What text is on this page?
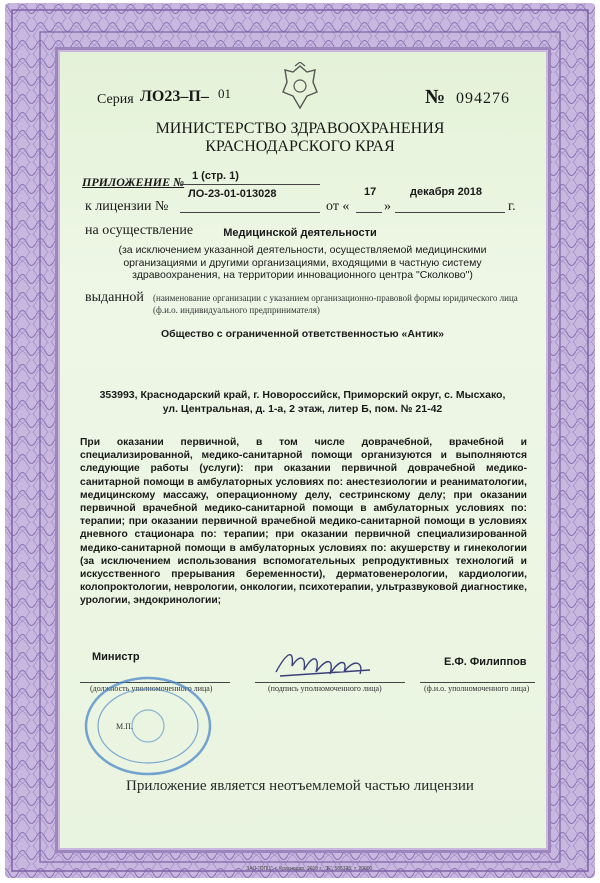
Серия ЛО23–П– 01	№ 094276
МИНИСТЕРСТВО ЗДРАВООХРАНЕНИЯ
КРАСНОДАРСКОГО КРАЯ
ПРИЛОЖЕНИЕ № 1 (стр. 1)
к лицензии №
ЛО-23-01-013028
от «
17
»
декабря 2018
г.
на осуществление	Медицинской деятельности
(за исключением указанной деятельности, осуществляемой медицинскими организациями и другими организациями, входящими в частную систему здравоохранения, на территории инновационного центра "Сколково")
выданной (наименование организации с указанием организационно-правовой формы юридического лица (ф.и.о. индивидуального предпринимателя)
Общество с ограниченной ответственностью «Антик»
353993, Краснодарский край, г. Новороссийск, Приморский округ, с. Мысхако,
ул. Центральная, д. 1-а, 2 этаж, литер Б, пом. № 21-42
При оказании первичной, в том числе доврачебной, врачебной и специализированной, медико-санитарной помощи организуются и выполняются следующие работы (услуги): при оказании первичной доврачебной медико-санитарной помощи в амбулаторных условиях по: анестезиологии и реаниматологии, медицинскому массажу, операционному делу, сестринскому делу; при оказании первичной врачебной медико-санитарной помощи в амбулаторных условиях по: терапии; при оказании первичной врачебной медико-санитарной помощи в условиях дневного стационара по: терапии; при оказании первичной специализированной медико-санитарной помощи в амбулаторных условиях по: акушерству и гинекологии (за исключением использования вспомогательных репродуктивных технологий и искусственного прерывания беременности), дерматовенерологии, кардиологии, колопроктологии, неврологии, онкологии, психотерапии, ультразвуковой диагностике, урологии, эндокринологии;
Министр
(должность уполномоченного лица)	(подпись уполномоченного лица)
Е.Ф. Филиппов
(ф.и.о. уполномоченного лица)
М.П.
Приложение является неотъемлемой частью лицензии
ЗАО "ОПЦ", г. Краснодар, 2018 г., "Б", 586735, т. 20000.
